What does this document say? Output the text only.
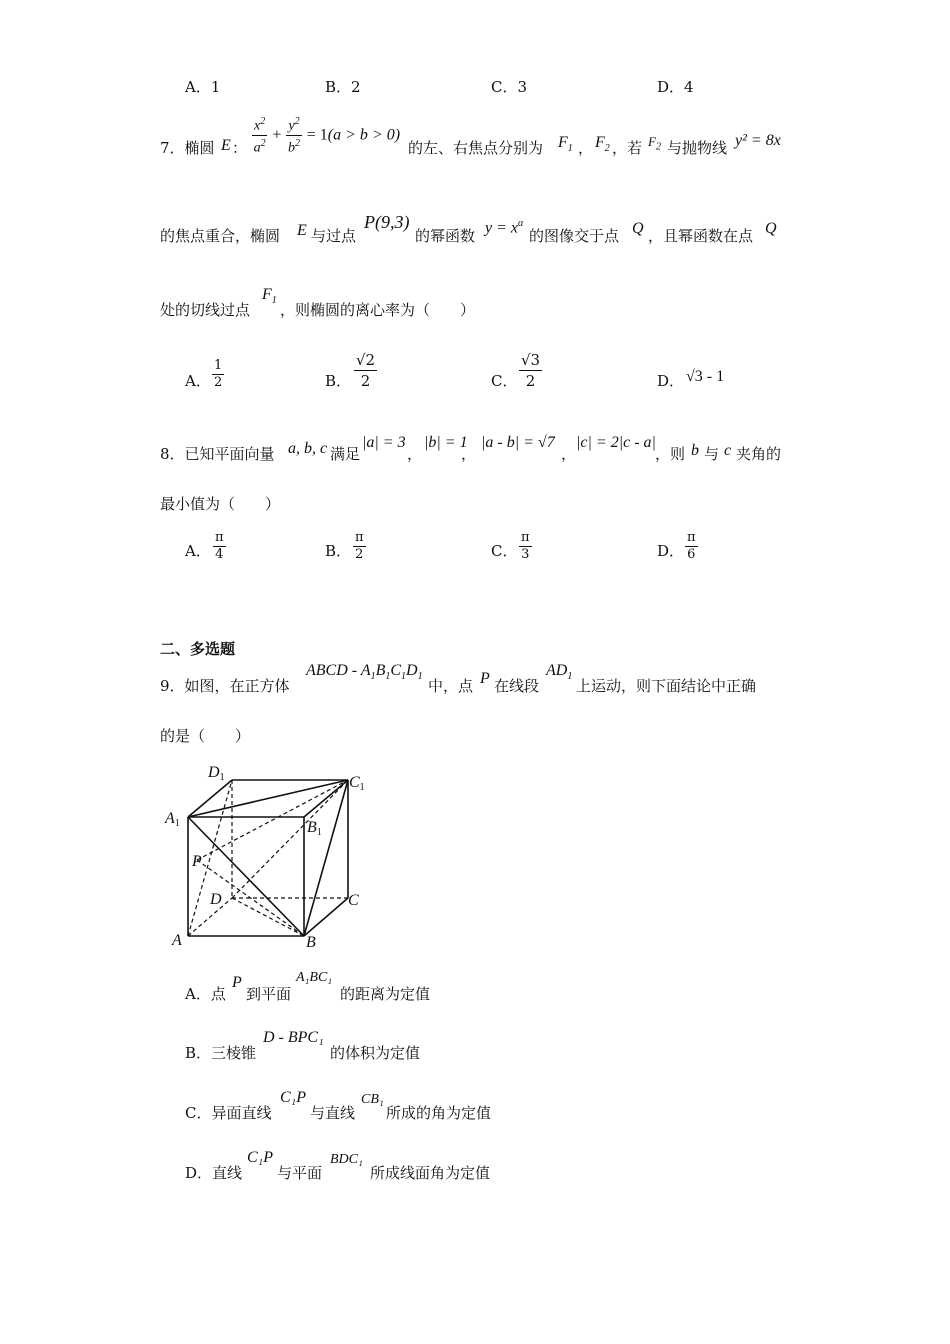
A．1	B．2	C．3	D．4
7．椭圆 E ： $\frac{x^2}{a^2} + \frac{y^2}{b^2} = 1(a > b > 0)$
的左、右焦点分别为 $F_1$ ， $F_2$ ，若 $F_2$ 与抛物线 y² = 8x
的焦点重合，椭圆 E 与过点
P(9,3)
的幂函数 $y = x^\alpha$
的图像交于点 Q ，且幂函数在点 Q
处的切线过点
$F_1$
，则椭圆的离心率为（　　）
A． $\frac{1}{2}$	B． $\frac{√2}{2}$	C． $\frac{√3}{2}$	D． √3 - 1
8．已知平面向量 a, b, c 满足
|a| = 3
，
|b| = 1
，
|a - b| = √7
，
|c| = 2|c - a|
，则 b 与 c 夹角的
最小值为（　　）
A． $\frac{\pi}{4}$	B． $\frac{\pi}{2}$	C． $\frac{\pi}{3}$	D． $\frac{\pi}{6}$
二、多选题
9．如图，在正方体
ABCD - $A_1B_1C_1D_1$
中，点 P 在线段
$AD_1$
上运动，则下面结论中正确
的是（　　）
D1	C1
A1	B1
P
D	C
A	B
A．点
P
到平面
A₁BC₁
的距离为定值
B．三棱锥
D - BPC₁
的体积为定值
C．异面直线
C₁P
与直线
CB₁
所成的角为定值
D．直线
C₁P
与平面
BDC₁
所成线面角为定值
